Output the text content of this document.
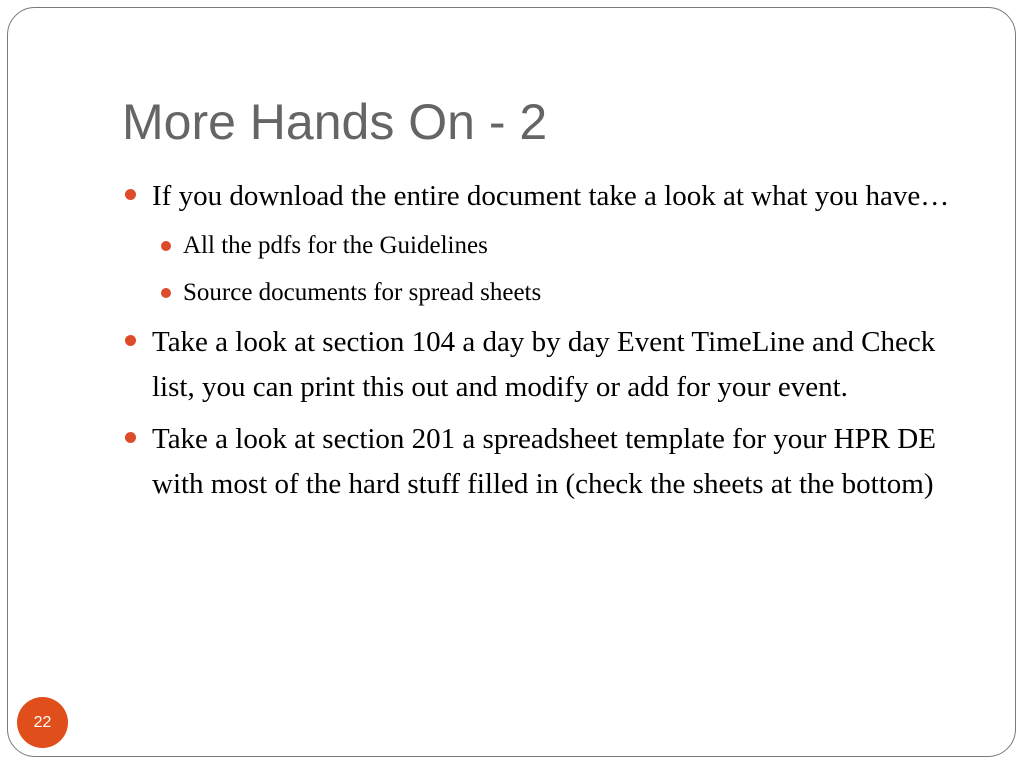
More Hands On - 2
If you download the entire document take a look at what you have…
All the pdfs for the Guidelines
Source documents for spread sheets
Take a look at section 104 a day by day Event TimeLine and Check list, you can print this out and modify or add for your event.
Take a look at section 201 a spreadsheet template for your HPR DE with most of the hard stuff filled in (check the sheets at the bottom)
22
